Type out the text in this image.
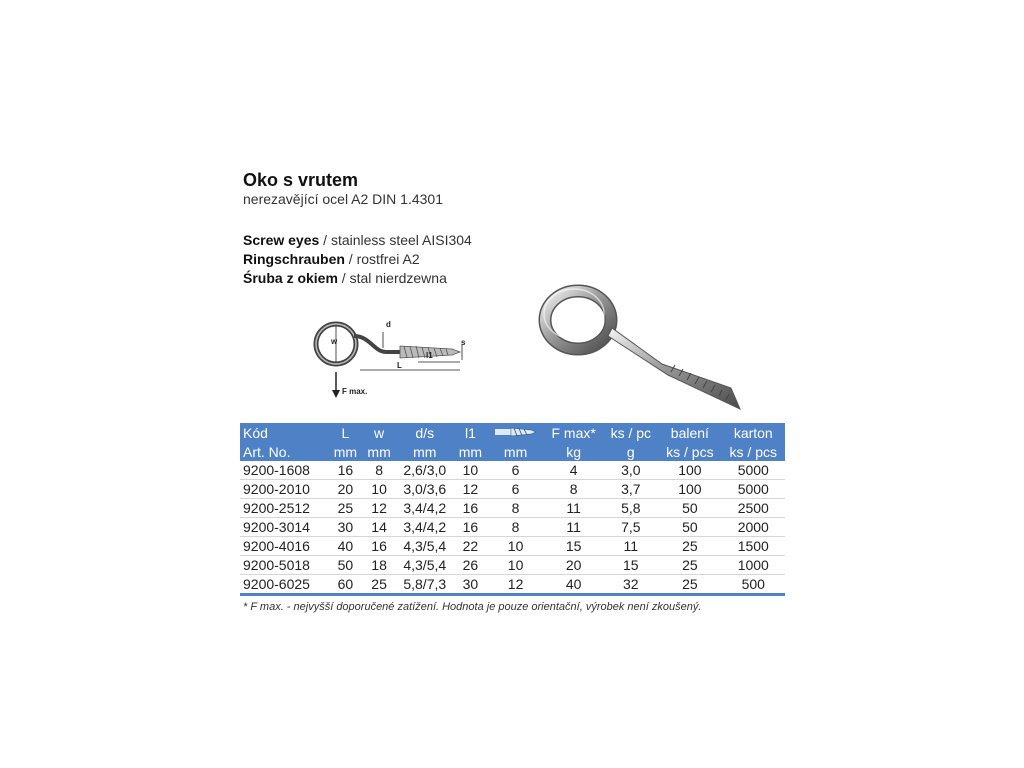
Oko s vrutem
nerezavějící ocel A2 DIN 1.4301
Screw eyes / stainless steel AISI304
Ringschrauben / rostfrei A2
Śruba z okiem / stal nierdzewna
w
d
s
l1
L
F max.
Kód	L	w	d/s	l1		F max*	ks / pc	balení	karton
Art. No.	mm	mm	mm	mm	mm	kg	g	ks / pcs	ks / pcs
9200-1608	16	8	2,6/3,0	10	6	4	3,0	100	5000
9200-2010	20	10	3,0/3,6	12	6	8	3,7	100	5000
9200-2512	25	12	3,4/4,2	16	8	11	5,8	50	2500
9200-3014	30	14	3,4/4,2	16	8	11	7,5	50	2000
9200-4016	40	16	4,3/5,4	22	10	15	11	25	1500
9200-5018	50	18	4,3/5,4	26	10	20	15	25	1000
9200-6025	60	25	5,8/7,3	30	12	40	32	25	500
* F max. - nejvyšší doporučené zatížení. Hodnota je pouze orientační, výrobek není zkoušený.
